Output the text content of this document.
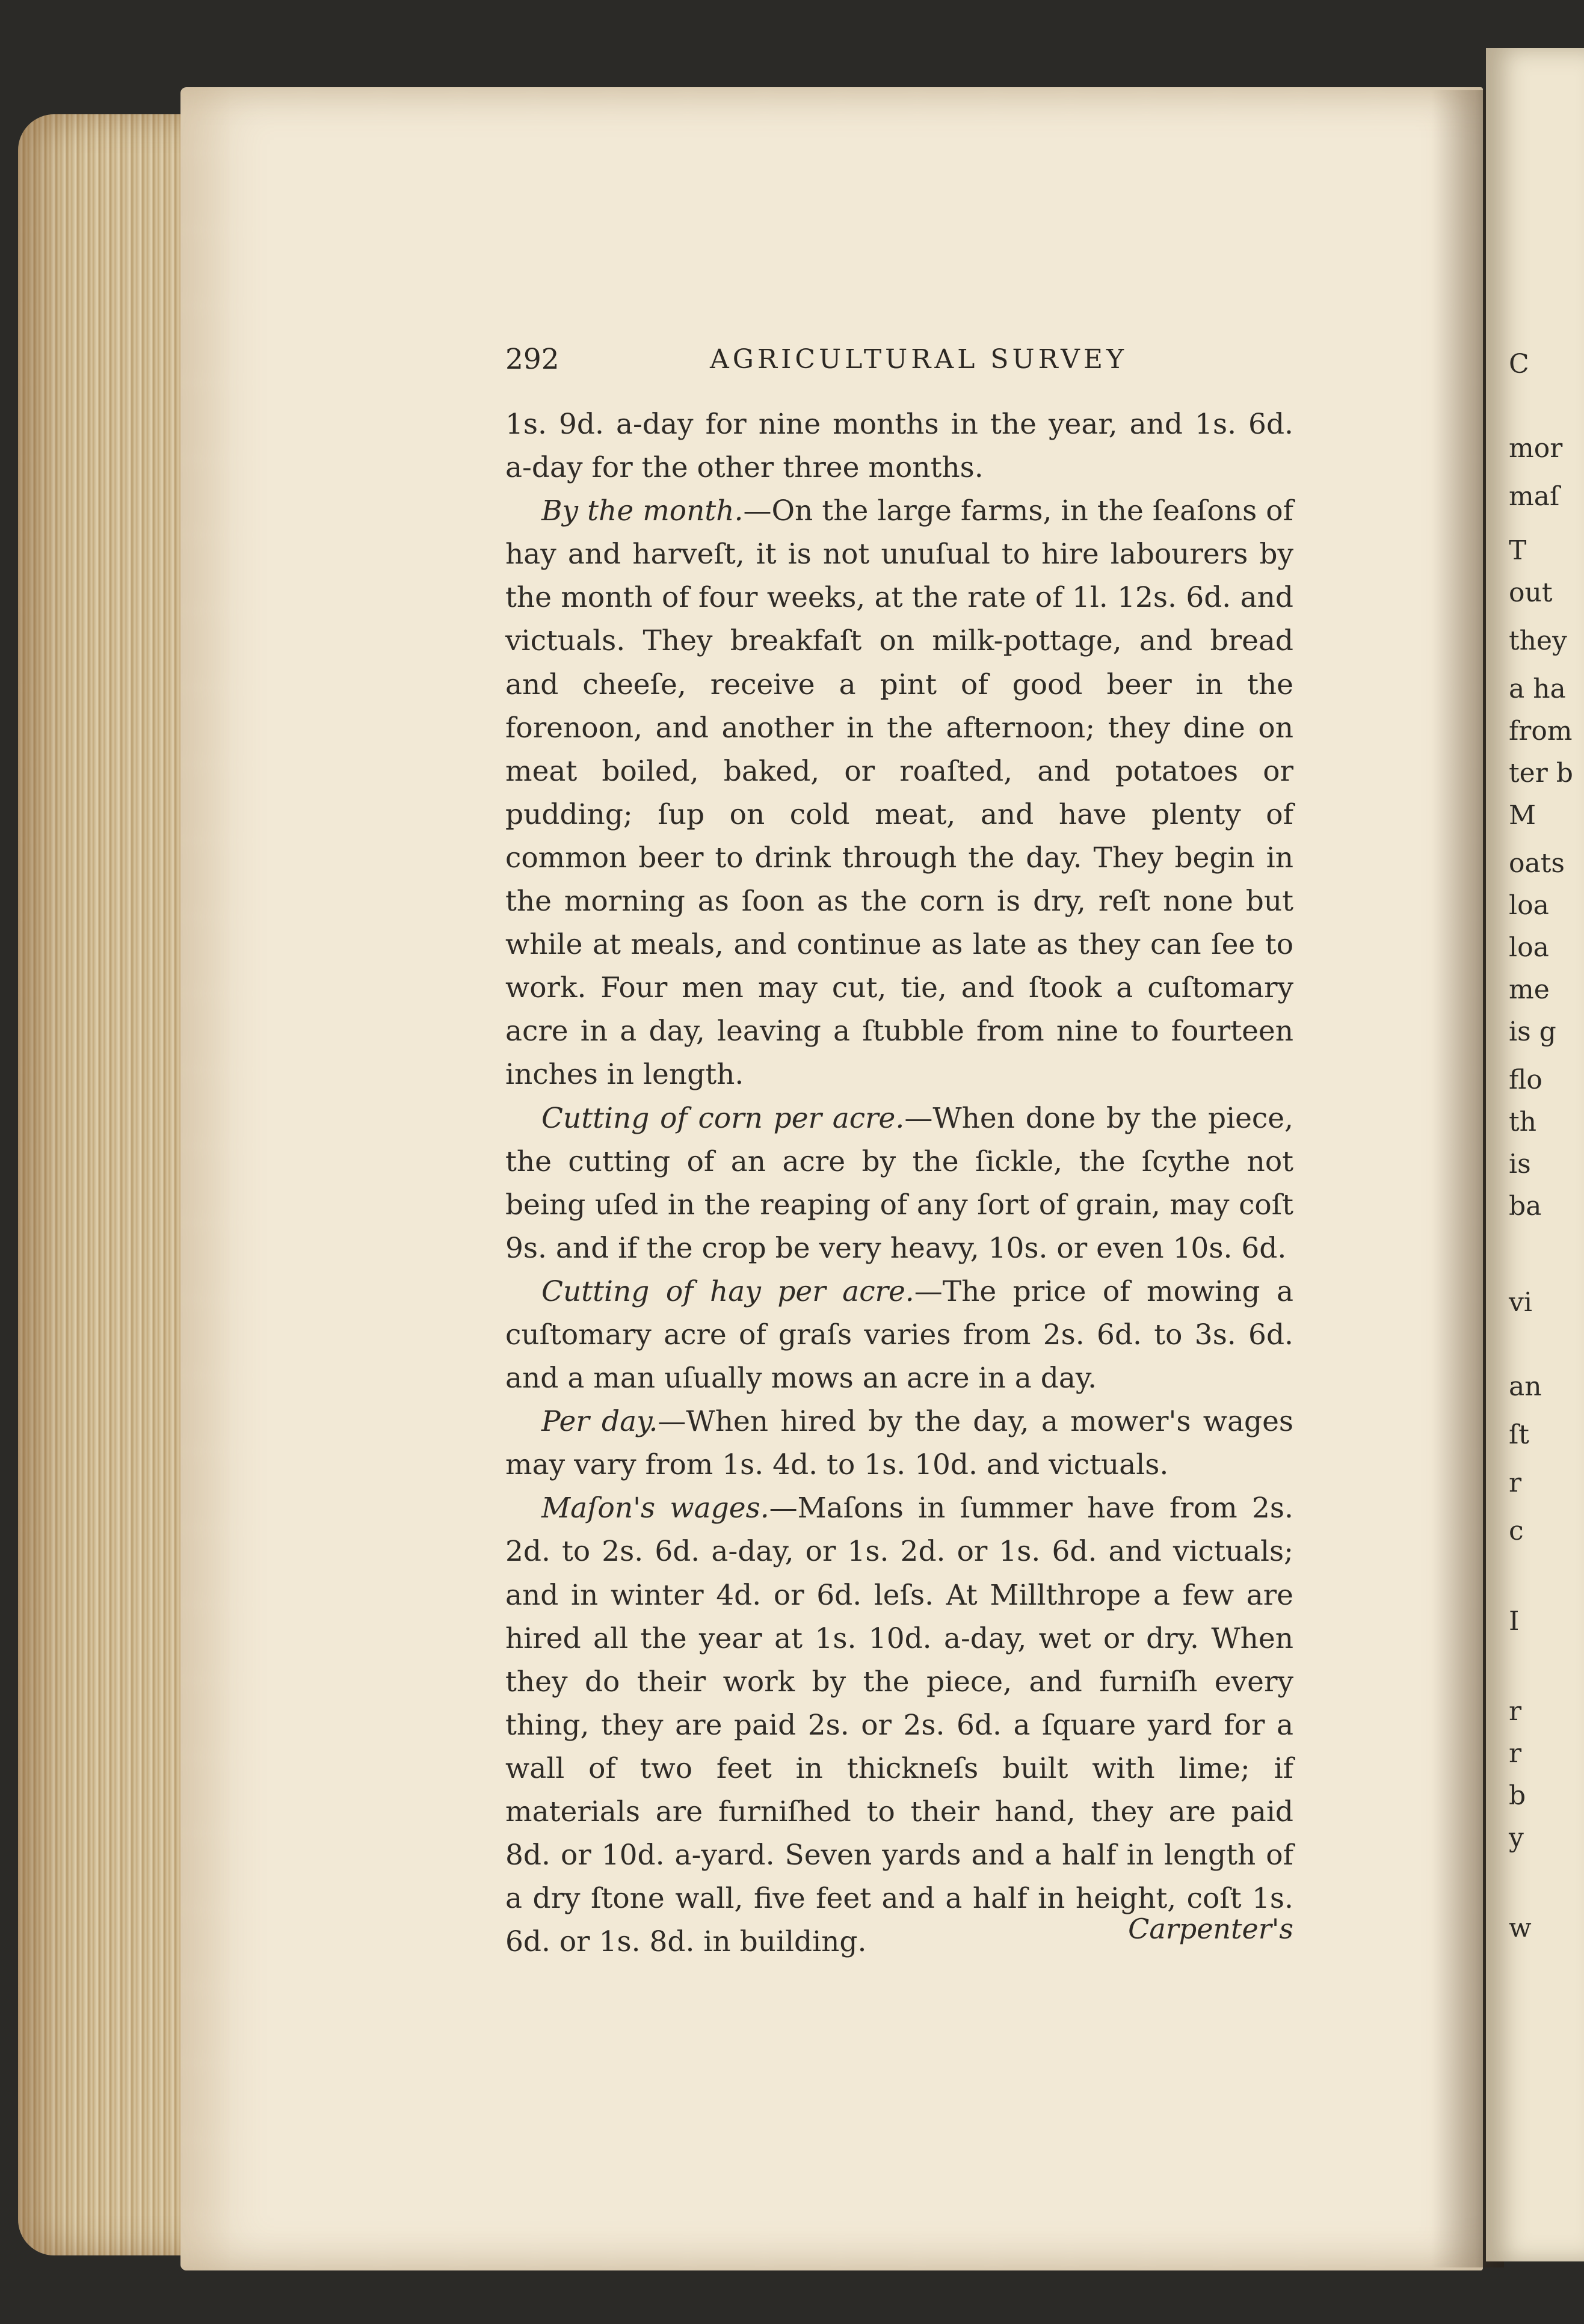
C
mor
maſ
T
out
they
a ha
from
ter b
M
oats
loa
loa
me
is g
flo
th
is
ba
vi
an
ſt
r
c
I
r
r
b
y
w
292	AGRICULTURAL SURVEY

1s. 9d. a-day for nine months in the year, and 1s. 6d. a-day for the other three months.

By the month.—On the large farms, in the ſeaſons of hay and harveſt, it is not unuſual to hire labourers by the month of four weeks, at the rate of 1l. 12s. 6d. and victuals. They breakfaſt on milk-pottage, and bread and cheeſe, receive a pint of good beer in the forenoon, and another in the afternoon; they dine on meat boiled, baked, or roaſted, and potatoes or pudding; ſup on cold meat, and have plenty of common beer to drink through the day. They begin in the morning as ſoon as the corn is dry, reſt none but while at meals, and continue as late as they can ſee to work. Four men may cut, tie, and ſtook a cuſtomary acre in a day, leaving a ſtubble from nine to fourteen inches in length.

Cutting of corn per acre.—When done by the piece, the cutting of an acre by the ſickle, the ſcythe not being uſed in the reaping of any ſort of grain, may coſt 9s. and if the crop be very heavy, 10s. or even 10s. 6d.

Cutting of hay per acre.—The price of mowing a cuſtomary acre of graſs varies from 2s. 6d. to 3s. 6d. and a man uſually mows an acre in a day.

Per day.—When hired by the day, a mower's wages may vary from 1s. 4d. to 1s. 10d. and victuals.

Maſon's wages.—Maſons in ſummer have from 2s. 2d. to 2s. 6d. a-day, or 1s. 2d. or 1s. 6d. and victuals; and in winter 4d. or 6d. leſs. At Millthrope a few are hired all the year at 1s. 10d. a-day, wet or dry. When they do their work by the piece, and furniſh every thing, they are paid 2s. or 2s. 6d. a ſquare yard for a wall of two feet in thickneſs built with lime; if materials are furniſhed to their hand, they are paid 8d. or 10d. a-yard. Seven yards and a half in length of a dry ſtone wall, five feet and a half in height, coſt 1s. 6d. or 1s. 8d. in building.	Carpenter's
